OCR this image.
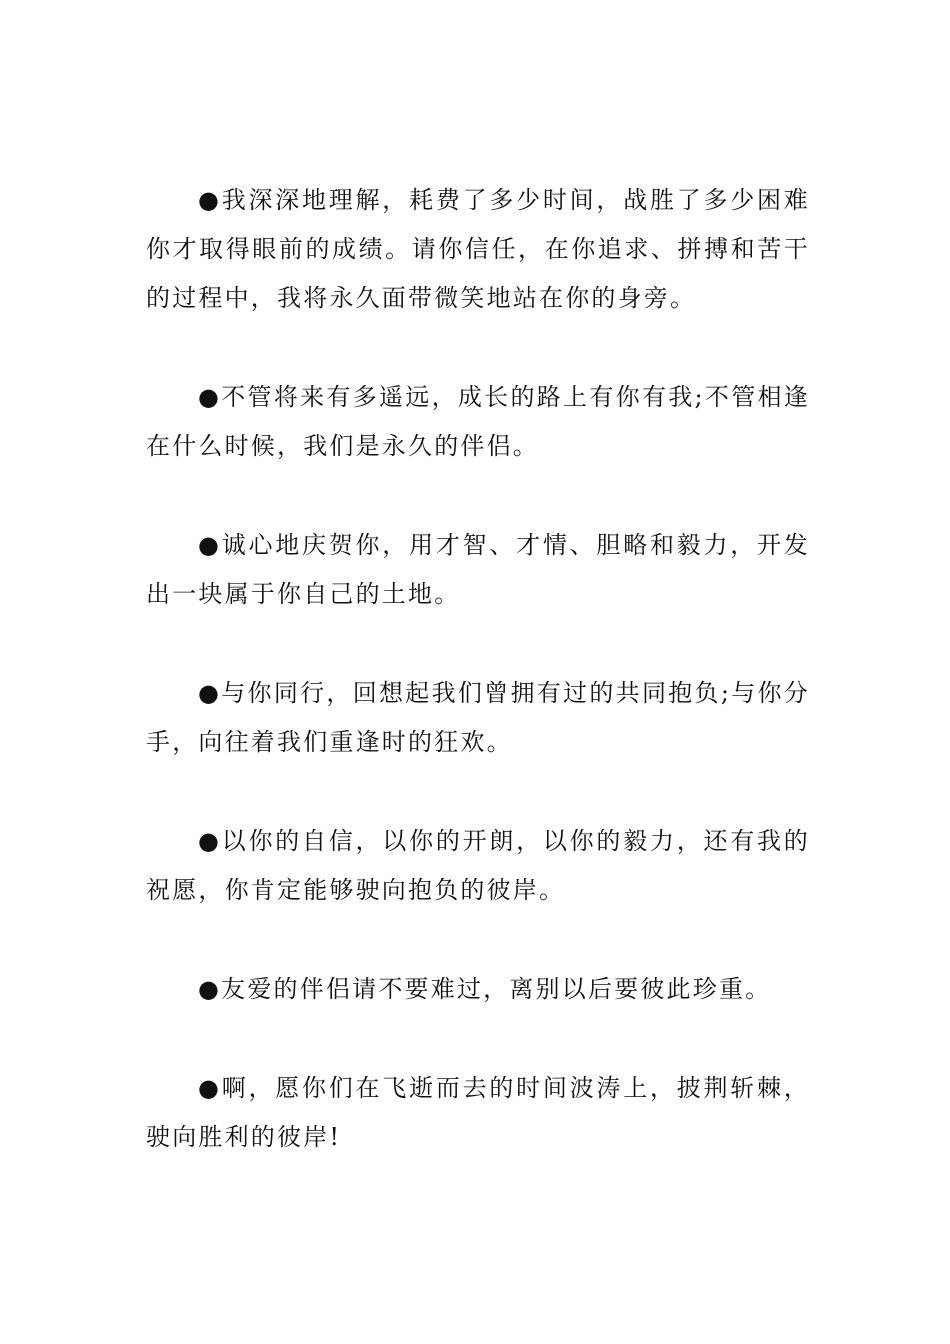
●我深深地理解，耗费了多少时间，战胜了多少困难你才取得眼前的成绩。请你信任，在你追求、拼搏和苦干的过程中，我将永久面带微笑地站在你的身旁。

●不管将来有多遥远，成长的路上有你有我;不管相逢在什么时候，我们是永久的伴侣。

●诚心地庆贺你，用才智、才情、胆略和毅力，开发出一块属于你自己的土地。

●与你同行，回想起我们曾拥有过的共同抱负;与你分手，向往着我们重逢时的狂欢。

●以你的自信，以你的开朗，以你的毅力，还有我的祝愿，你肯定能够驶向抱负的彼岸。

●友爱的伴侣请不要难过，离别以后要彼此珍重。

●啊，愿你们在飞逝而去的时间波涛上，披荆斩棘，驶向胜利的彼岸!
